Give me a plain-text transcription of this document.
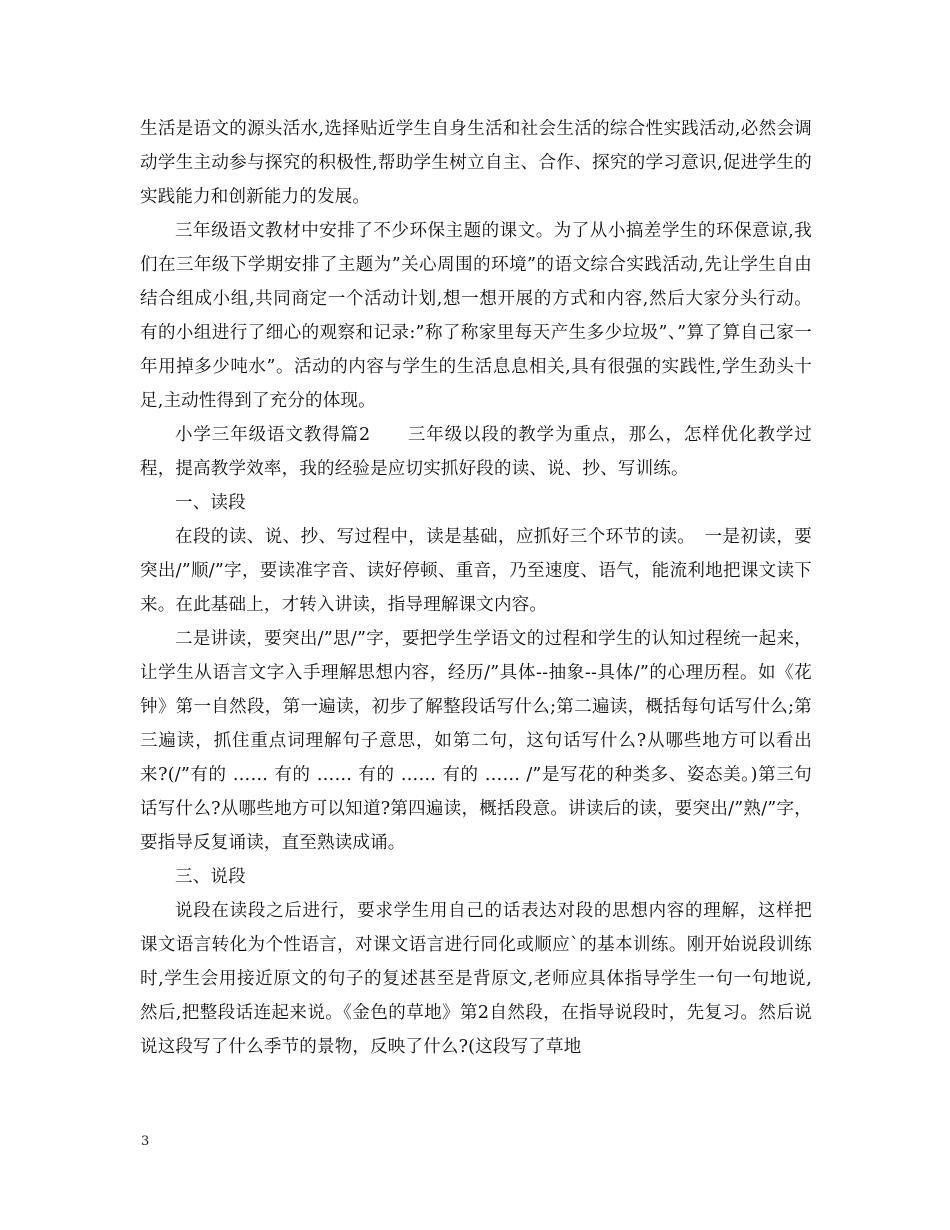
生活是语文的源头活水,选择贴近学生自身生活和社会生活的综合性实践活动,必然会调动学生主动参与探究的积极性,帮助学生树立自主、合作、探究的学习意识,促进学生的实践能力和创新能力的发展。

三年级语文教材中安排了不少环保主题的课文。为了从小搞差学生的环保意谅,我们在三年级下学期安排了主题为”关心周围的环境”的语文综合实践活动,先让学生自由结合组成小组,共同商定一个活动计划,想一想开展的方式和内容,然后大家分头行动。有的小组进行了细心的观察和记录:”称了称家里每天产生多少垃圾”、”算了算自己家一年用掉多少吨水”。活动的内容与学生的生活息息相关,具有很强的实践性,学生劲头十足,主动性得到了充分的体现。

小学三年级语文教得篇2　　三年级以段的教学为重点，那么，怎样优化教学过程，提高教学效率，我的经验是应切实抓好段的读、说、抄、写训练。

一、读段

在段的读、说、抄、写过程中，读是基础，应抓好三个环节的读。　一是初读，要突出/”顺/”字，要读准字音、读好停顿、重音，乃至速度、语气，能流利地把课文读下来。在此基础上，才转入讲读，指导理解课文内容。

二是讲读，要突出/”思/”字，要把学生学语文的过程和学生的认知过程统一起来，让学生从语言文字入手理解思想内容，经历/”具体--抽象--具体/”的心理历程。如《花钟》第一自然段，第一遍读，初步了解整段话写什么;第二遍读，概括每句话写什么;第三遍读，抓住重点词理解句子意思，如第二句，这句话写什么?从哪些地方可以看出来?(/”有的 …… 有的 …… 有的 …… 有的 …… /”是写花的种类多、姿态美。)第三句话写什么?从哪些地方可以知道?第四遍读，概括段意。讲读后的读，要突出/”熟/”字，要指导反复诵读，直至熟读成诵。

三、说段

说段在读段之后进行，要求学生用自己的话表达对段的思想内容的理解，这样把课文语言转化为个性语言，对课文语言进行同化或顺应`的基本训练。刚开始说段训练时,学生会用接近原文的句子的复述甚至是背原文,老师应具体指导学生一句一句地说,然后,把整段话连起来说。《金色的草地》第2自然段，在指导说段时，先复习。然后说说这段写了什么季节的景物，反映了什么?(这段写了草地

3
